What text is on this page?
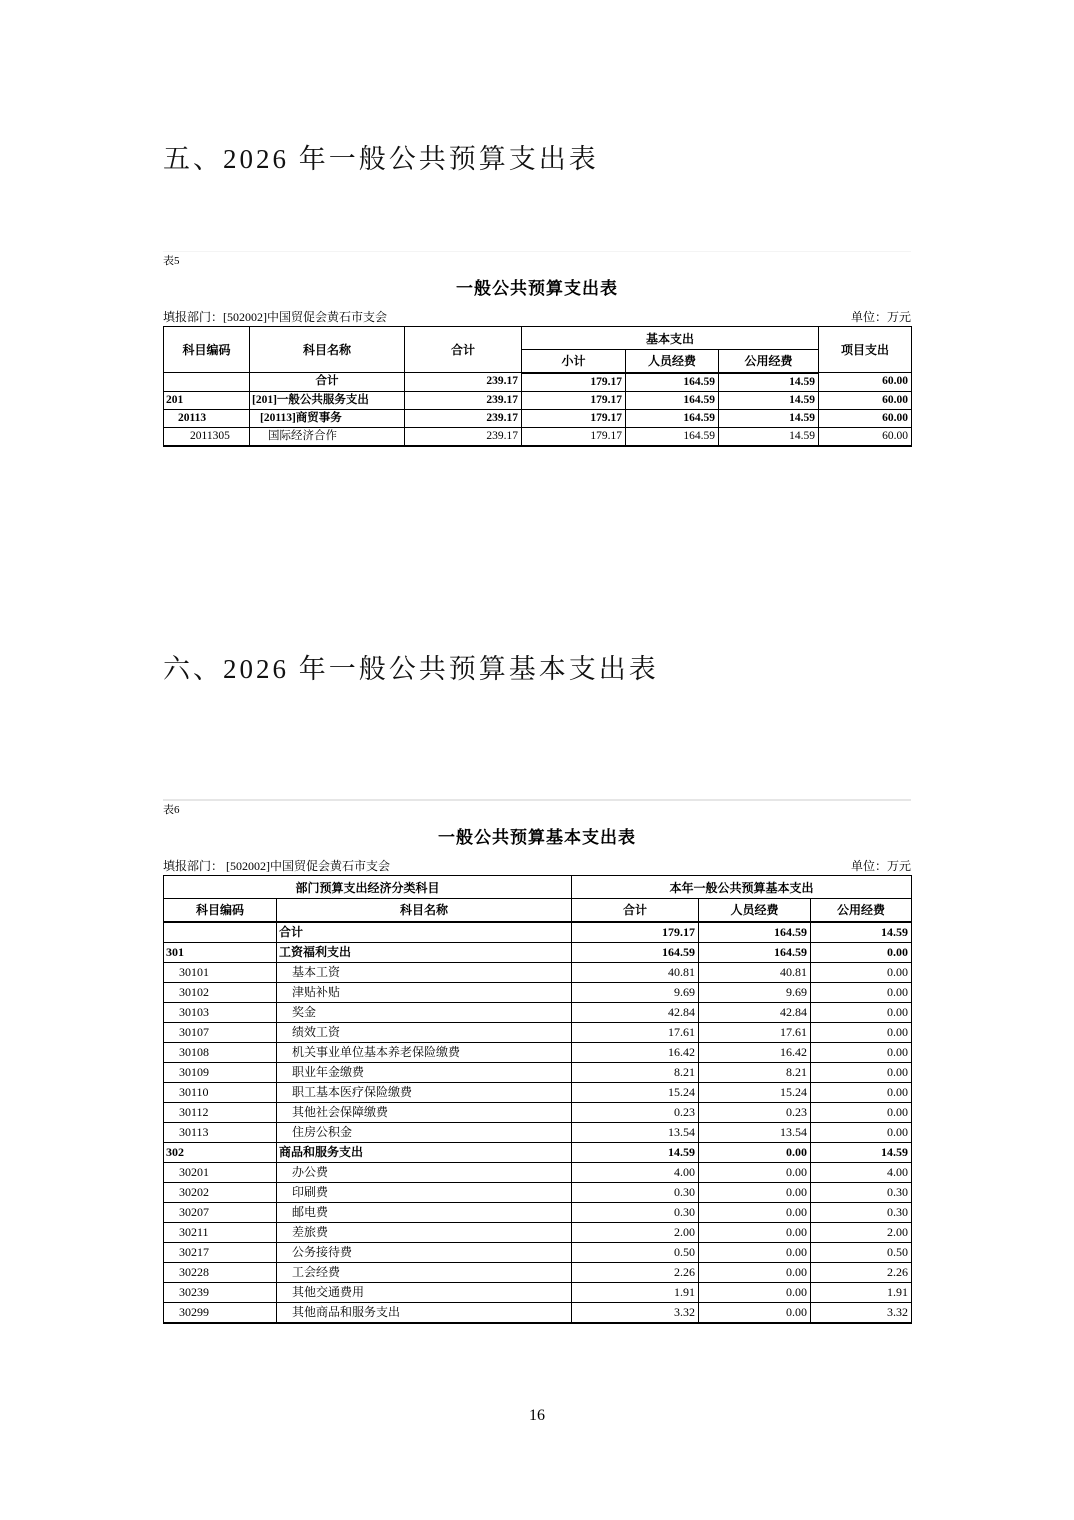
五、2026 年一般公共预算支出表
表5
一般公共预算支出表
填报部门：[502002]中国贸促会黄石市支会	单位：万元
科目编码	科目名称	合计	基本支出			项目支出
			小计	人员经费	公用经费	
	合计	239.17	179.17	164.59	14.59	60.00
201	[201]一般公共服务支出	239.17	179.17	164.59	14.59	60.00
20113	[20113]商贸事务	239.17	179.17	164.59	14.59	60.00
2011305	国际经济合作	239.17	179.17	164.59	14.59	60.00
六、2026 年一般公共预算基本支出表
表6
一般公共预算基本支出表
填报部门： [502002]中国贸促会黄石市支会	单位：万元
部门预算支出经济分类科目		本年一般公共预算基本支出		
科目编码	科目名称	合计	人员经费	公用经费
	合计	179.17	164.59	14.59
301	工资福利支出	164.59	164.59	0.00
30101	基本工资	40.81	40.81	0.00
30102	津贴补贴	9.69	9.69	0.00
30103	奖金	42.84	42.84	0.00
30107	绩效工资	17.61	17.61	0.00
30108	机关事业单位基本养老保险缴费	16.42	16.42	0.00
30109	职业年金缴费	8.21	8.21	0.00
30110	职工基本医疗保险缴费	15.24	15.24	0.00
30112	其他社会保障缴费	0.23	0.23	0.00
30113	住房公积金	13.54	13.54	0.00
302	商品和服务支出	14.59	0.00	14.59
30201	办公费	4.00	0.00	4.00
30202	印刷费	0.30	0.00	0.30
30207	邮电费	0.30	0.00	0.30
30211	差旅费	2.00	0.00	2.00
30217	公务接待费	0.50	0.00	0.50
30228	工会经费	2.26	0.00	2.26
30239	其他交通费用	1.91	0.00	1.91
30299	其他商品和服务支出	3.32	0.00	3.32
16
